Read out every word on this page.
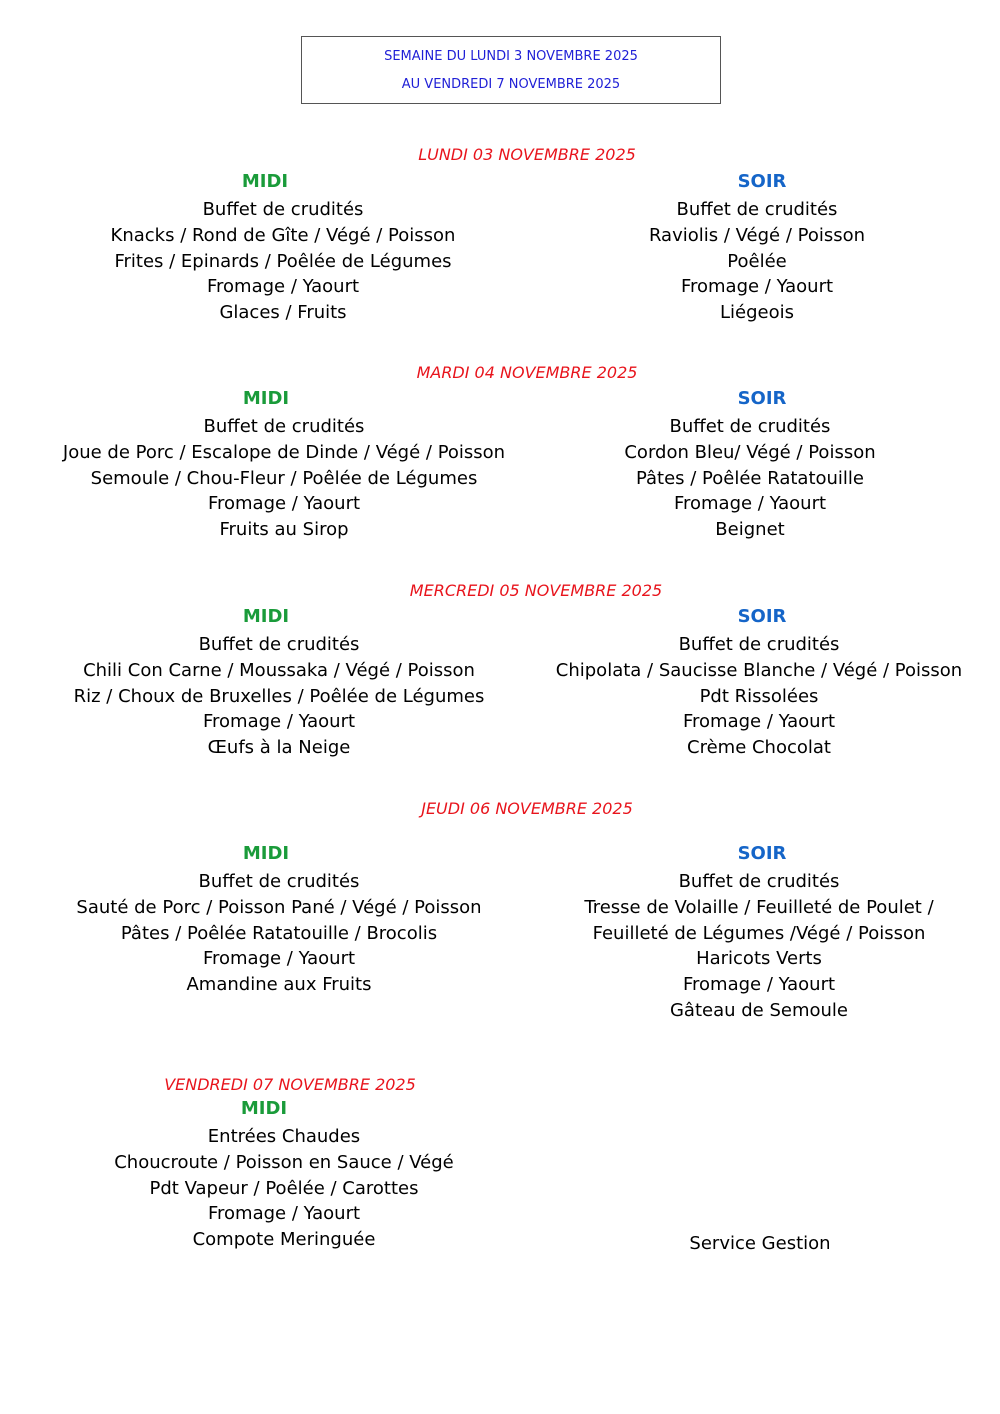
SEMAINE DU LUNDI 3 NOVEMBRE 2025
AU VENDREDI 7 NOVEMBRE 2025
LUNDI 03 NOVEMBRE 2025
MIDI
Buffet de crudités
Knacks / Rond de Gîte / Végé / Poisson
Frites / Epinards / Poêlée de Légumes
Fromage / Yaourt
Glaces / Fruits
SOIR
Buffet de crudités
Raviolis / Végé / Poisson
Poêlée
Fromage / Yaourt
Liégeois
MARDI 04 NOVEMBRE 2025
MIDI
Buffet de crudités
Joue de Porc / Escalope de Dinde / Végé / Poisson
Semoule / Chou-Fleur / Poêlée de Légumes
Fromage / Yaourt
Fruits au Sirop
SOIR
Buffet de crudités
Cordon Bleu/ Végé / Poisson
Pâtes / Poêlée Ratatouille
Fromage / Yaourt
Beignet
MERCREDI 05 NOVEMBRE 2025
MIDI
Buffet de crudités
Chili Con Carne / Moussaka / Végé / Poisson
Riz / Choux de Bruxelles / Poêlée de Légumes
Fromage / Yaourt
Œufs à la Neige
SOIR
Buffet de crudités
Chipolata / Saucisse Blanche / Végé / Poisson
Pdt Rissolées
Fromage / Yaourt
Crème Chocolat
JEUDI 06 NOVEMBRE 2025
MIDI
Buffet de crudités
Sauté de Porc / Poisson Pané / Végé / Poisson
Pâtes / Poêlée Ratatouille / Brocolis
Fromage / Yaourt
Amandine aux Fruits
SOIR
Buffet de crudités
Tresse de Volaille / Feuilleté de Poulet /
Feuilleté de Légumes /Végé / Poisson
Haricots Verts
Fromage / Yaourt
Gâteau de Semoule
VENDREDI 07 NOVEMBRE 2025
MIDI
Entrées Chaudes
Choucroute / Poisson en Sauce / Végé
Pdt Vapeur / Poêlée / Carottes
Fromage / Yaourt
Compote Meringuée	Service Gestion
